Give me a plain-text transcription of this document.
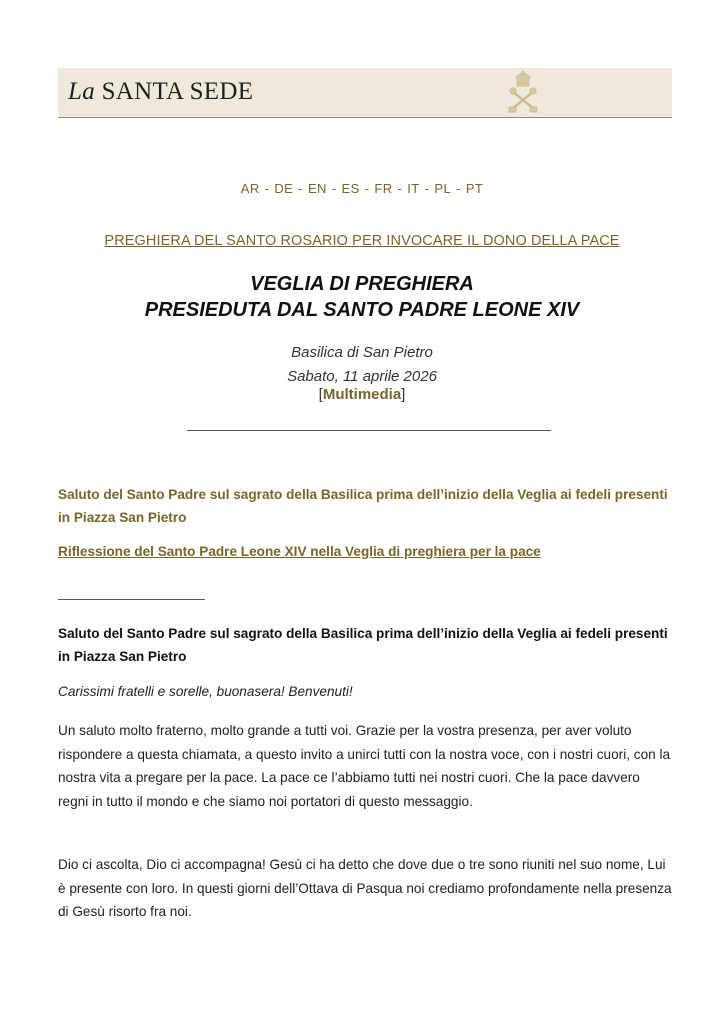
La SANTA SEDE
AR - DE - EN - ES - FR - IT - PL - PT
PREGHIERA DEL SANTO ROSARIO PER INVOCARE IL DONO DELLA PACE
VEGLIA DI PREGHIERA
PRESIEDUTA DAL SANTO PADRE LEONE XIV
Basilica di San Pietro
Sabato, 11 aprile 2026
[Multimedia]
Saluto del Santo Padre sul sagrato della Basilica prima dell’inizio della Veglia ai fedeli presenti in Piazza San Pietro
Riflessione del Santo Padre Leone XIV nella Veglia di preghiera per la pace
Saluto del Santo Padre sul sagrato della Basilica prima dell’inizio della Veglia ai fedeli presenti in Piazza San Pietro

Carissimi fratelli e sorelle, buonasera! Benvenuti!

Un saluto molto fraterno, molto grande a tutti voi. Grazie per la vostra presenza, per aver voluto rispondere a questa chiamata, a questo invito a unirci tutti con la nostra voce, con i nostri cuori, con la nostra vita a pregare per la pace. La pace ce l’abbiamo tutti nei nostri cuori. Che la pace davvero regni in tutto il mondo e che siamo noi portatori di questo messaggio.

Dio ci ascolta, Dio ci accompagna! Gesù ci ha detto che dove due o tre sono riuniti nel suo nome, Lui è presente con loro. In questi giorni dell’Ottava di Pasqua noi crediamo profondamente nella presenza di Gesù risorto fra noi.
